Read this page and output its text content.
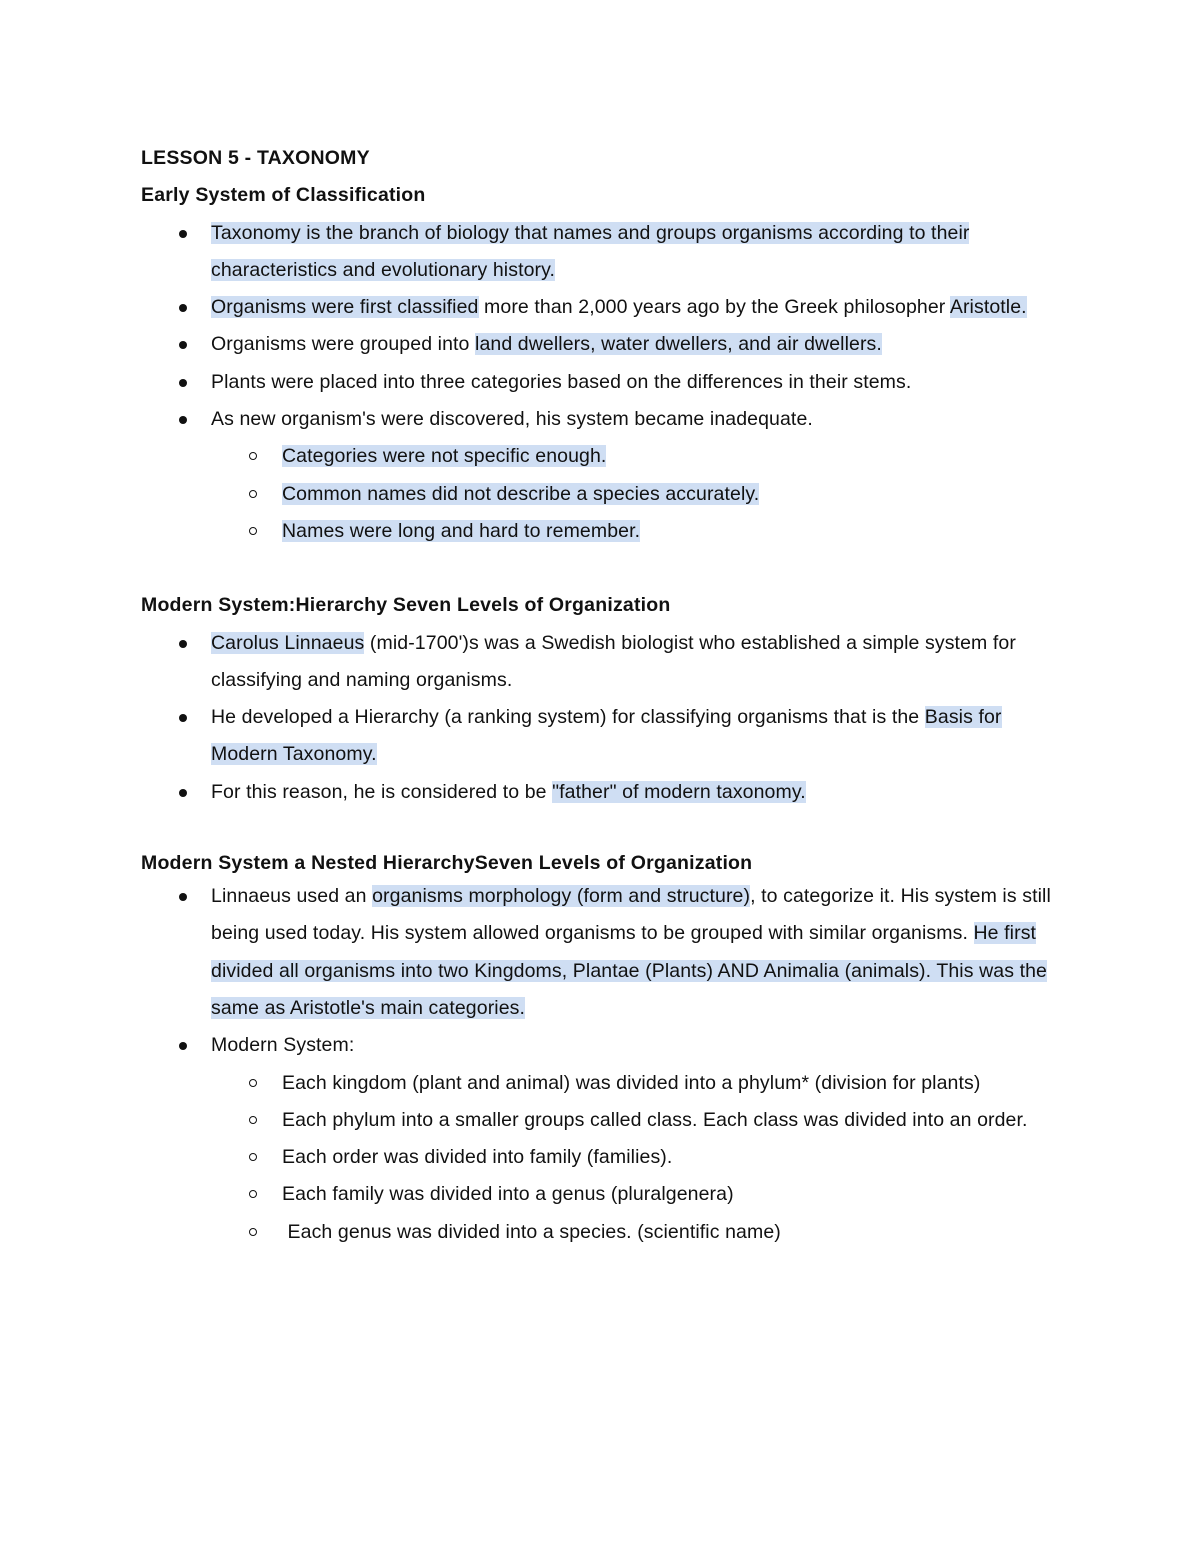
LESSON 5 - TAXONOMY

Early System of Classification

Taxonomy is the branch of biology that names and groups organisms according to their characteristics and evolutionary history.
Organisms were first classified more than 2,000 years ago by the Greek philosopher Aristotle.
Organisms were grouped into land dwellers, water dwellers, and air dwellers.
Plants were placed into three categories based on the differences in their stems.
As new organism's were discovered, his system became inadequate.
Categories were not specific enough.
Common names did not describe a species accurately.
Names were long and hard to remember.

Modern System:Hierarchy Seven Levels of Organization

Carolus Linnaeus (mid-1700')s was a Swedish biologist who established a simple system for classifying and naming organisms.
He developed a Hierarchy (a ranking system) for classifying organisms that is the Basis for Modern Taxonomy.
For this reason, he is considered to be "father" of modern taxonomy.

Modern System a Nested HierarchySeven Levels of Organization

Linnaeus used an organisms morphology (form and structure), to categorize it. His system is still being used today. His system allowed organisms to be grouped with similar organisms. He first divided all organisms into two Kingdoms, Plantae (Plants) AND Animalia (animals). This was the same as Aristotle's main categories.
Modern System:
Each kingdom (plant and animal) was divided into a phylum* (division for plants)
Each phylum into a smaller groups called class. Each class was divided into an order.
Each order was divided into family (families).
Each family was divided into a genus (pluralgenera)
Each genus was divided into a species. (scientific name)
